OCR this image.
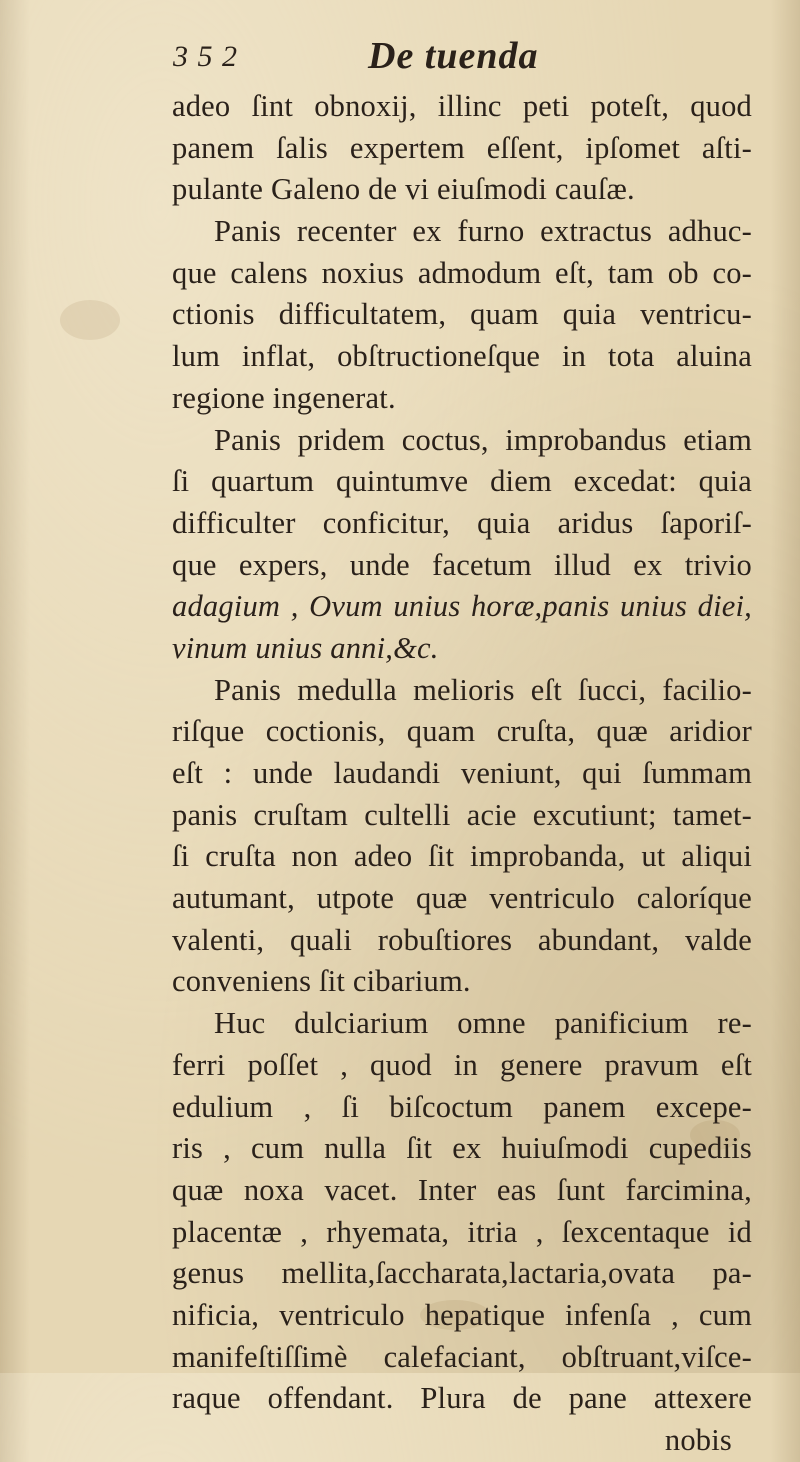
3 5 2	De tuenda
adeo ſint obnoxij, illinc peti poteſt, quod
panem ſalis expertem eſſent, ipſomet aſti-
pulante Galeno de vi eiuſmodi cauſæ.
Panis recenter ex furno extractus adhuc-
que calens noxius admodum eſt, tam ob co-
ctionis difficultatem, quam quia ventricu-
lum inflat, obſtructioneſque in tota aluina
regione ingenerat.
Panis pridem coctus, improbandus etiam
ſi quartum quintumve diem excedat: quia
difficulter conficitur, quia aridus ſaporiſ-
que expers, unde facetum illud ex trivio
adagium , Ovum unius horæ,panis unius diei,
vinum unius anni,&c.
Panis medulla melioris eſt ſucci, facilio-
riſque coctionis, quam cruſta, quæ aridior
eſt : unde laudandi veniunt, qui ſummam
panis cruſtam cultelli acie excutiunt; tamet-
ſi cruſta non adeo ſit improbanda, ut aliqui
autumant, utpote quæ ventriculo caloríque
valenti, quali robuſtiores abundant, valde
conveniens ſit cibarium.
Huc dulciarium omne panificium re-
ferri poſſet , quod in genere pravum eſt
edulium , ſi biſcoctum panem excepe-
ris , cum nulla ſit ex huiuſmodi cupediis
quæ noxa vacet. Inter eas ſunt farcimina,
placentæ , rhyemata, itria , ſexcentaque id
genus mellita,ſaccharata,lactaria,ovata pa-
nificia, ventriculo hepatique infenſa , cum
manifeſtiſſimè calefaciant, obſtruant,viſce-
raque offendant. Plura de pane attexere
nobis
